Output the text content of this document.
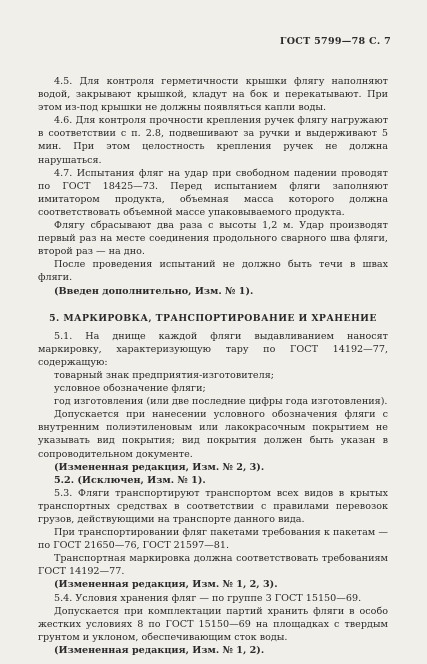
ГОСТ 5799—78 С. 7

4.5. Для контроля герметичности крышки флягу наполняют водой, закрывают крышкой, кладут на бок и перекатывают. При этом из-под крышки не должны появляться капли воды.

4.6. Для контроля прочности крепления ручек флягу нагружают в соответствии с п. 2.8, подвешивают за ручки и выдерживают 5 мин. При этом целостность крепления ручек не должна нарушаться.

4.7. Испытания фляг на удар при свободном падении проводят по ГОСТ 18425—73. Перед испытанием фляги заполняют имитатором продукта, объемная масса которого должна соответствовать объемной массе упаковываемого продукта.

Флягу сбрасывают два раза с высоты 1,2 м. Удар производят первый раз на месте соединения продольного сварного шва фляги, второй раз — на дно.

После проведения испытаний не должно быть течи в швах фляги.

(Введен дополнительно, Изм. № 1).

5. МАРКИРОВКА, ТРАНСПОРТИРОВАНИЕ И ХРАНЕНИЕ

5.1. На днище каждой фляги выдавливанием наносят маркировку, характеризующую тару по ГОСТ 14192—77, содержащую:

товарный знак предприятия-изготовителя;

условное обозначение фляги;

год изготовления (или две последние цифры года изготовления).

Допускается при нанесении условного обозначения фляги с внутренним полиэтиленовым или лакокрасочным покрытием не указывать вид покрытия; вид покрытия должен быть указан в сопроводительном документе.

(Измененная редакция, Изм. № 2, 3).

5.2. (Исключен, Изм. № 1).

5.3. Фляги транспортируют транспортом всех видов в крытых транспортных средствах в соответствии с правилами перевозок грузов, действующими на транспорте данного вида.

При транспортировании фляг пакетами требования к пакетам — по ГОСТ 21650—76, ГОСТ 21597—81.

Транспортная маркировка должна соответствовать требованиям ГОСТ 14192—77.

(Измененная редакция, Изм. № 1, 2, 3).

5.4. Условия хранения фляг — по группе 3 ГОСТ 15150—69.

Допускается при комплектации партий хранить фляги в особо жестких условиях 8 по ГОСТ 15150—69 на площадках с твердым грунтом и уклоном, обеспечивающим сток воды.

(Измененная редакция, Изм. № 1, 2).
